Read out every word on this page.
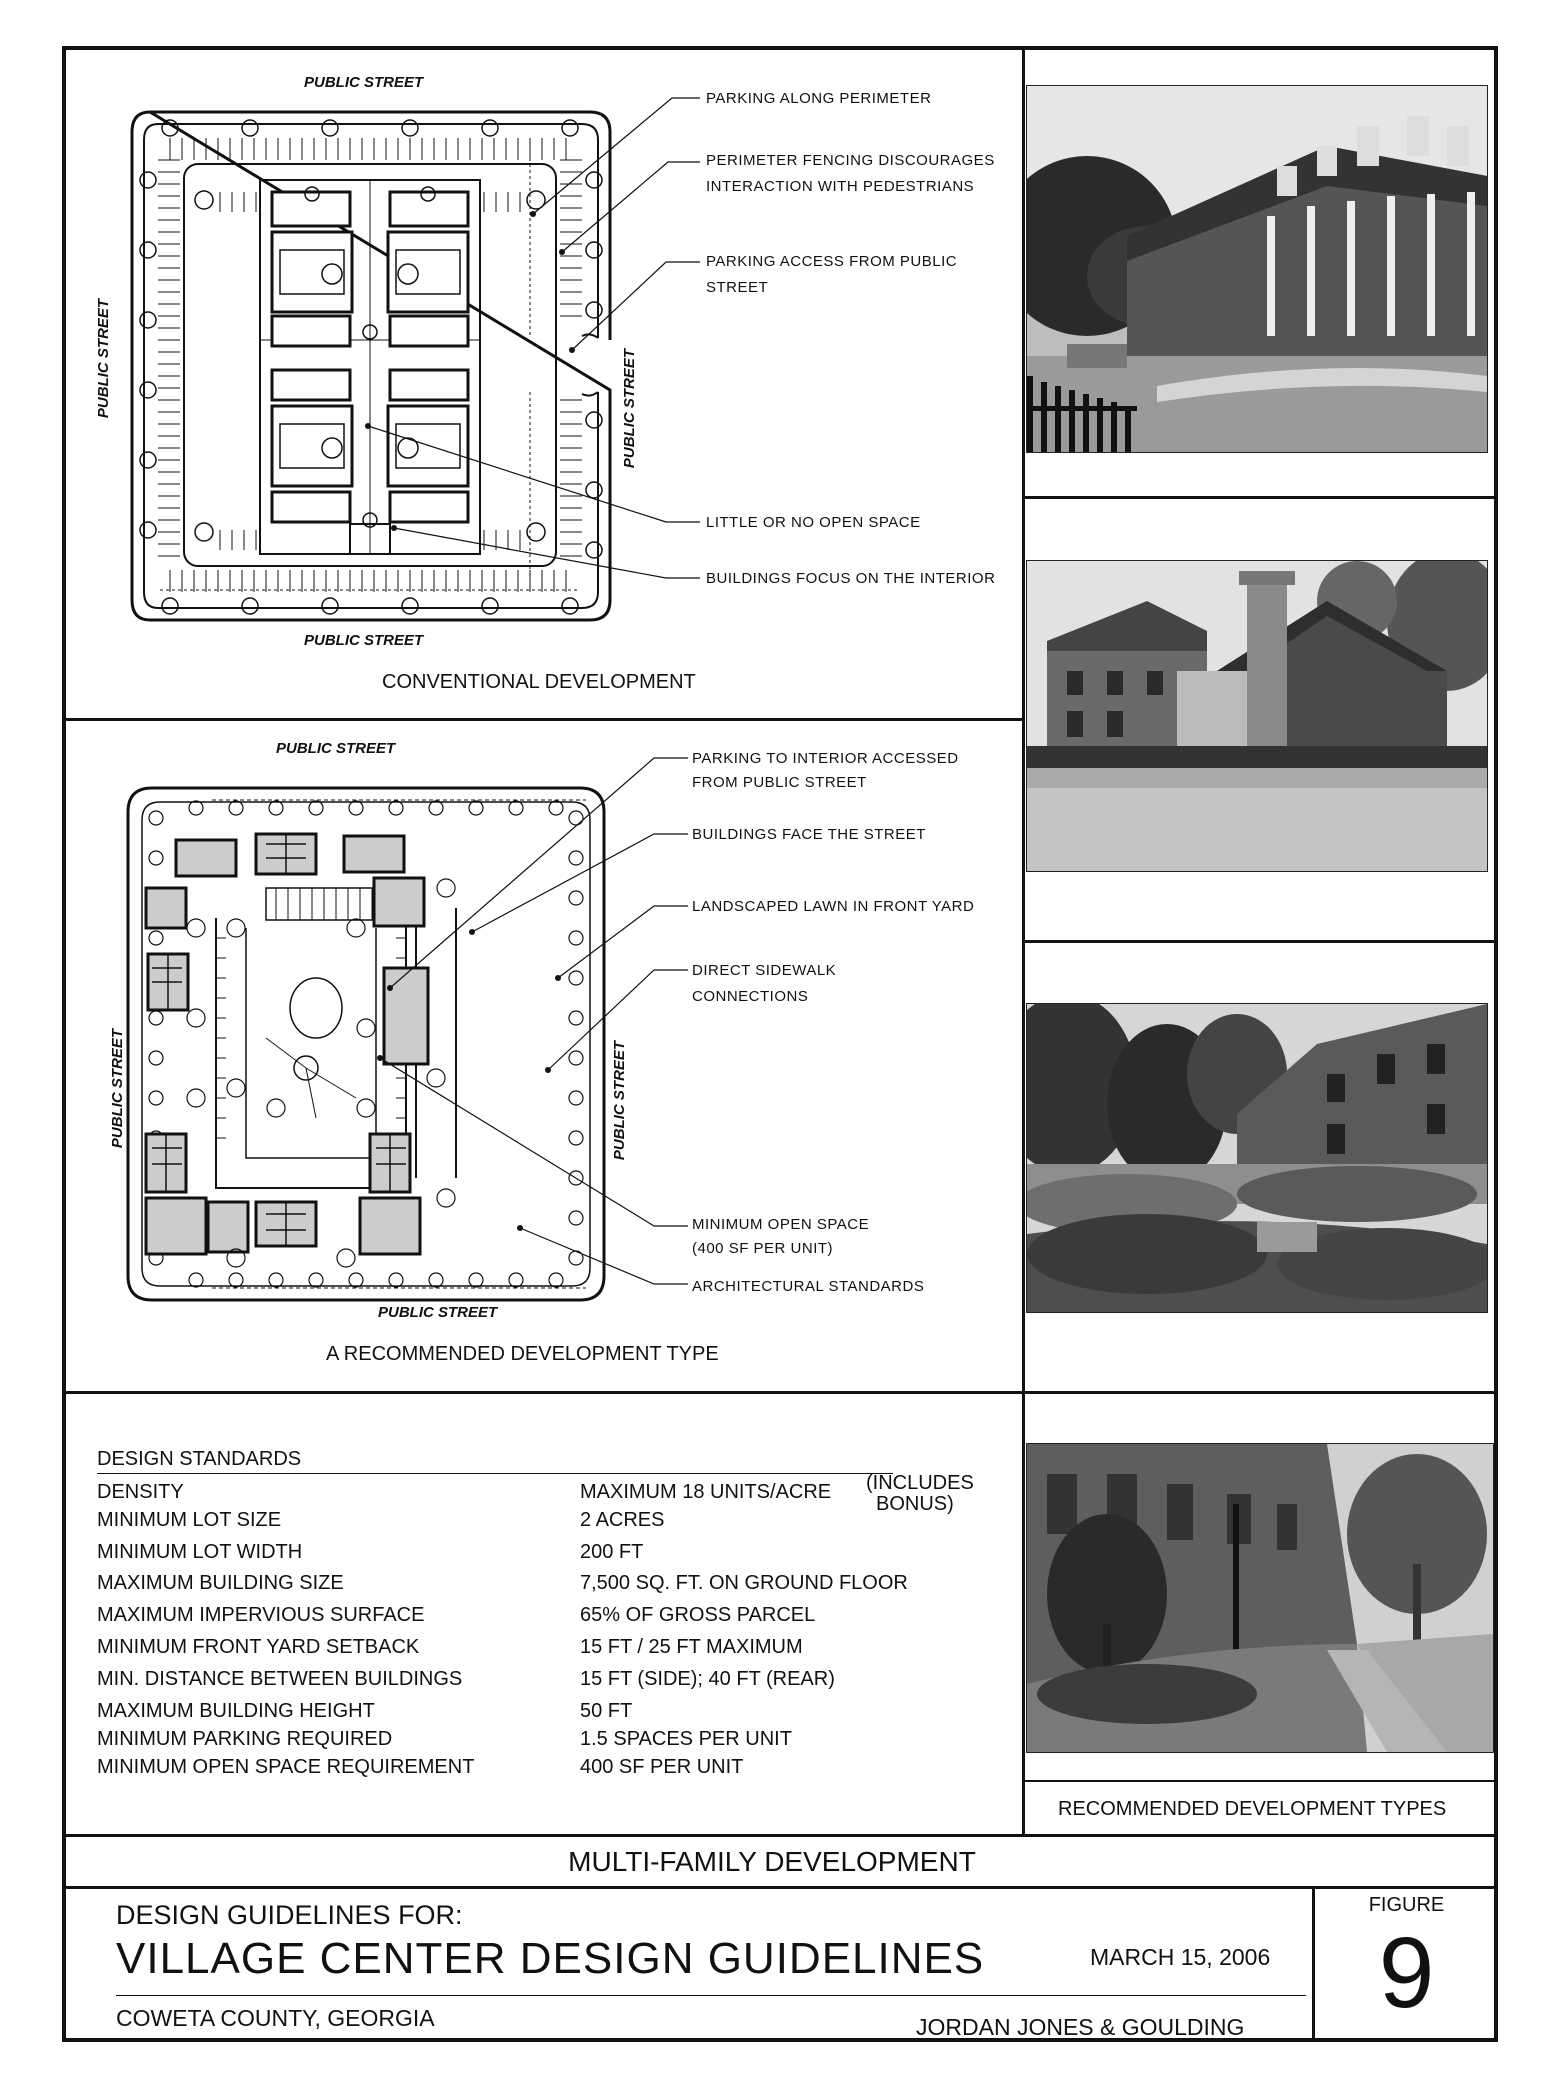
PUBLIC STREET
PUBLIC STREET
PUBLIC STREET	PUBLIC STREET
PARKING ALONG PERIMETER
PERIMETER FENCING DISCOURAGES
INTERACTION WITH PEDESTRIANS
PARKING ACCESS FROM PUBLIC
STREET
LITTLE OR NO OPEN SPACE
BUILDINGS FOCUS ON THE INTERIOR
CONVENTIONAL DEVELOPMENT
PUBLIC STREET
PUBLIC STREET
PUBLIC STREET	PUBLIC STREET
PARKING TO INTERIOR ACCESSED
FROM PUBLIC STREET
BUILDINGS FACE THE STREET
LANDSCAPED LAWN IN FRONT YARD
DIRECT SIDEWALK
CONNECTIONS
MINIMUM OPEN SPACE
(400 SF PER UNIT)
ARCHITECTURAL STANDARDS
A RECOMMENDED DEVELOPMENT TYPE
RECOMMENDED DEVELOPMENT TYPES
DESIGN STANDARDS
(INCLUDES
BONUS)
DENSITY	MAXIMUM 18 UNITS/ACRE
MINIMUM LOT SIZE	2 ACRES
MINIMUM LOT WIDTH	200 FT
MAXIMUM BUILDING SIZE	7,500 SQ. FT. ON GROUND FLOOR
MAXIMUM IMPERVIOUS SURFACE	65% OF GROSS PARCEL
MINIMUM FRONT YARD SETBACK	15 FT / 25 FT MAXIMUM
MIN. DISTANCE BETWEEN BUILDINGS	15 FT (SIDE); 40 FT (REAR)
MAXIMUM BUILDING HEIGHT	50 FT
MINIMUM PARKING REQUIRED	1.5 SPACES PER UNIT
MINIMUM OPEN SPACE REQUIREMENT	400 SF PER UNIT
MULTI-FAMILY DEVELOPMENT
DESIGN GUIDELINES FOR:
VILLAGE CENTER DESIGN GUIDELINES	MARCH 15, 2006
COWETA COUNTY, GEORGIA	JORDAN JONES & GOULDING
FIGURE
9
